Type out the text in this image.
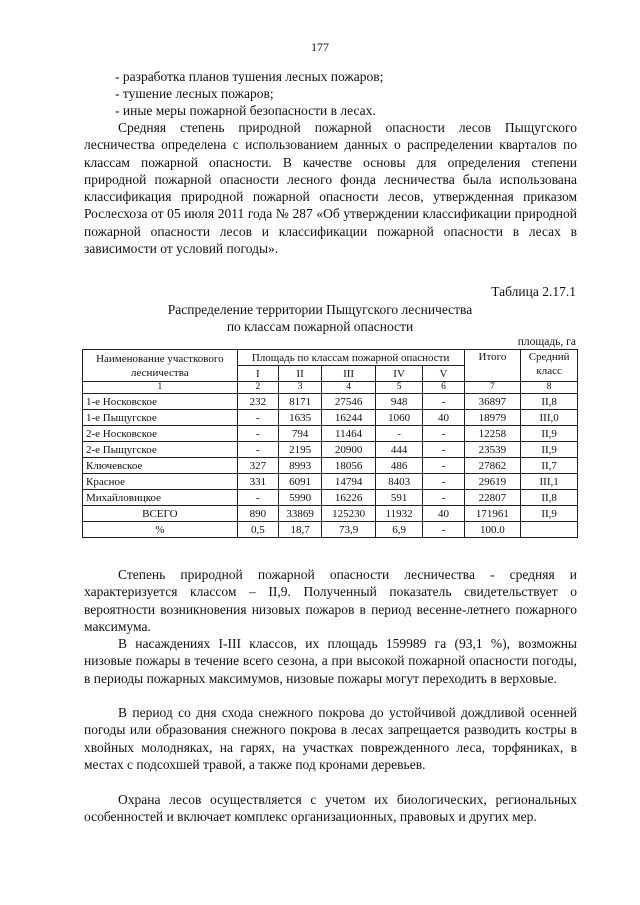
177
- разработка планов тушения лесных пожаров;
- тушение лесных пожаров;
- иные меры пожарной безопасности в лесах.

Средняя степень природной пожарной опасности лесов Пыщугского лесничества определена с использованием данных о распределении кварталов по классам пожарной опасности. В качестве основы для определения степени природной пожарной опасности лесного фонда лесничества была использована классификация природной пожарной опасности лесов, утвержденная приказом Рослесхоза от 05 июля 2011 года № 287 «Об утверждении классификации природной пожарной опасности лесов и классификации пожарной опасности в лесах в зависимости от условий погоды».

Таблица 2.17.1
Распределение территории Пыщугского лесничества
по классам пожарной опасности
площадь, га
Наименование участкового лесничества	Площадь по классам пожарной опасности					Итого	Средний класс
	I	II	III	IV	V		
1	2	3	4	5	6	7	8
1-е Носковское	232	8171	27546	948	-	36897	II,8
1-е Пыщугское	-	1635	16244	1060	40	18979	III,0
2-е Носковское	-	794	11464	-	-	12258	II,9
2-е Пыщугское	-	2195	20900	444	-	23539	II,9
Ключевское	327	8993	18056	486	-	27862	II,7
Красное	331	6091	14794	8403	-	29619	III,1
Михайловицкое	-	5990	16226	591	-	22807	II,8
ВСЕГО	890	33869	125230	11932	40	171961	II,9
%	0,5	18,7	73,9	6,9	-	100.0	

Степень природной пожарной опасности лесничества - средняя и характеризуется классом – II,9. Полученный показатель свидетельствует о вероятности возникновения низовых пожаров в период весенне-летнего пожарного максимума.

В насаждениях I-III классов, их площадь 159989 га (93,1 %), возможны низовые пожары в течение всего сезона, а при высокой пожарной опасности погоды, в периоды пожарных максимумов, низовые пожары могут переходить в верховые.

В период со дня схода снежного покрова до устойчивой дождливой осенней погоды или образования снежного покрова в лесах запрещается разводить костры в хвойных молодняках, на гарях, на участках поврежденного леса, торфяниках, в местах с подсохшей травой, а также под кронами деревьев.

Охрана лесов осуществляется с учетом их биологических, региональных особенностей и включает комплекс организационных, правовых и других мер.
